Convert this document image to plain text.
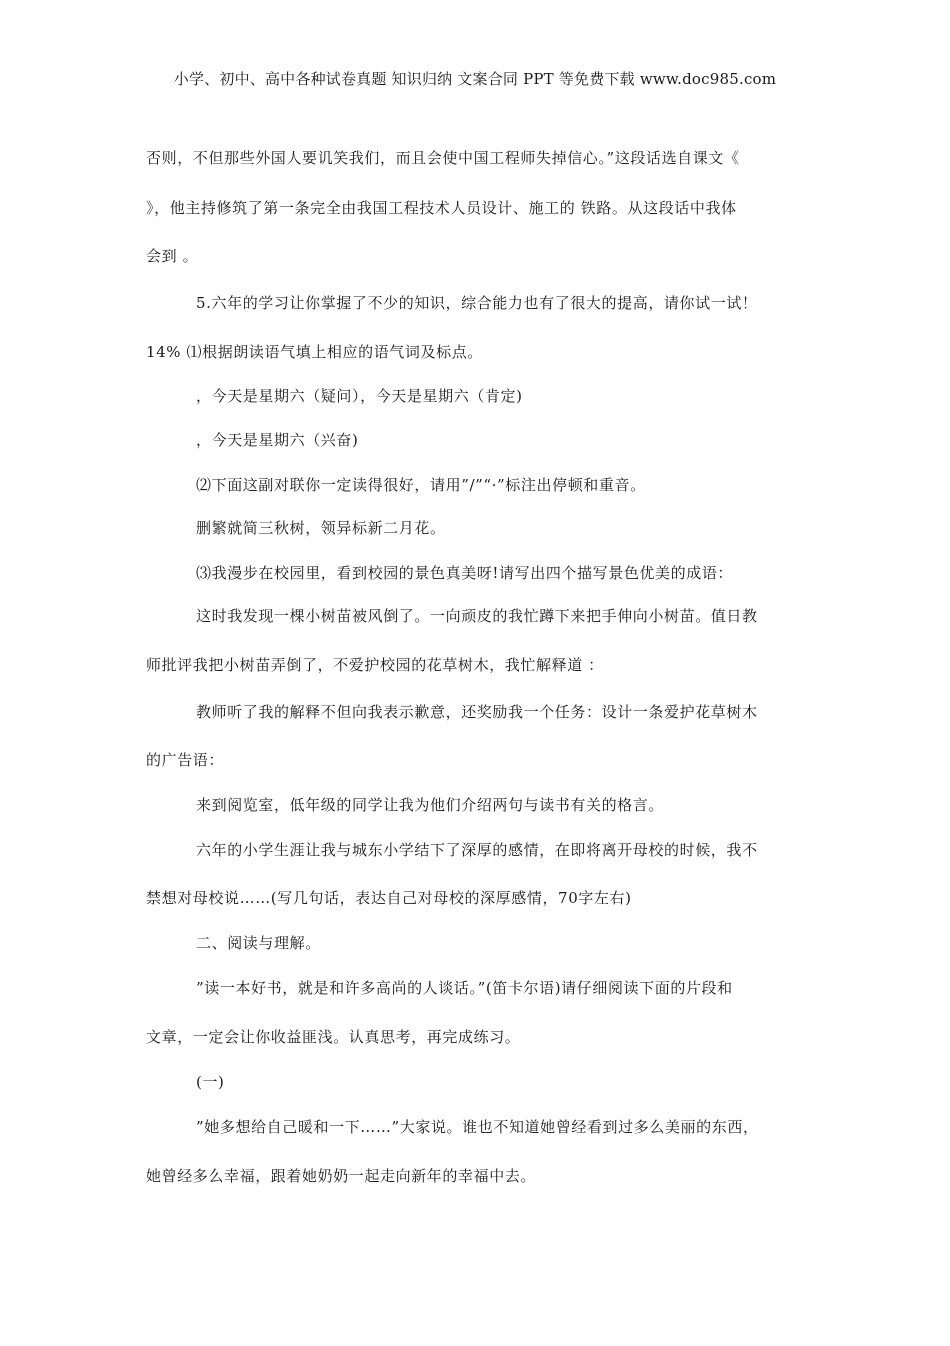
小学、初中、高中各种试卷真题 知识归纳 文案合同 PPT 等免费下载 www.doc985.com
否则，不但那些外国人要讥笑我们，而且会使中国工程师失掉信心。”这段话选自课文《
》，他主持修筑了第一条完全由我国工程技术人员设计、施工的 铁路。从这段话中我体
会到 。
5.六年的学习让你掌握了不少的知识，综合能力也有了很大的提高，请你试一试！
14% ⑴根据朗读语气填上相应的语气词及标点。
，今天是星期六（疑问），今天是星期六（肯定)
，今天是星期六（兴奋)
⑵下面这副对联你一定读得很好，请用”/”“·”标注出停顿和重音。
删繁就简三秋树，领异标新二月花。
⑶我漫步在校园里，看到校园的景色真美呀!请写出四个描写景色优美的成语：
这时我发现一棵小树苗被风倒了。一向顽皮的我忙蹲下来把手伸向小树苗。值日教
师批评我把小树苗弄倒了，不爱护校园的花草树木，我忙解释道 ：
教师听了我的解释不但向我表示歉意，还奖励我一个任务：设计一条爱护花草树木
的广告语：
来到阅览室，低年级的同学让我为他们介绍两句与读书有关的格言。
六年的小学生涯让我与城东小学结下了深厚的感情，在即将离开母校的时候，我不
禁想对母校说……(写几句话，表达自己对母校的深厚感情，70字左右)
二、阅读与理解。
”读一本好书，就是和许多高尚的人谈话。”(笛卡尔语)请仔细阅读下面的片段和
文章，一定会让你收益匪浅。认真思考，再完成练习。
(一)
”她多想给自己暖和一下……”大家说。谁也不知道她曾经看到过多么美丽的东西，
她曾经多么幸福，跟着她奶奶一起走向新年的幸福中去。
